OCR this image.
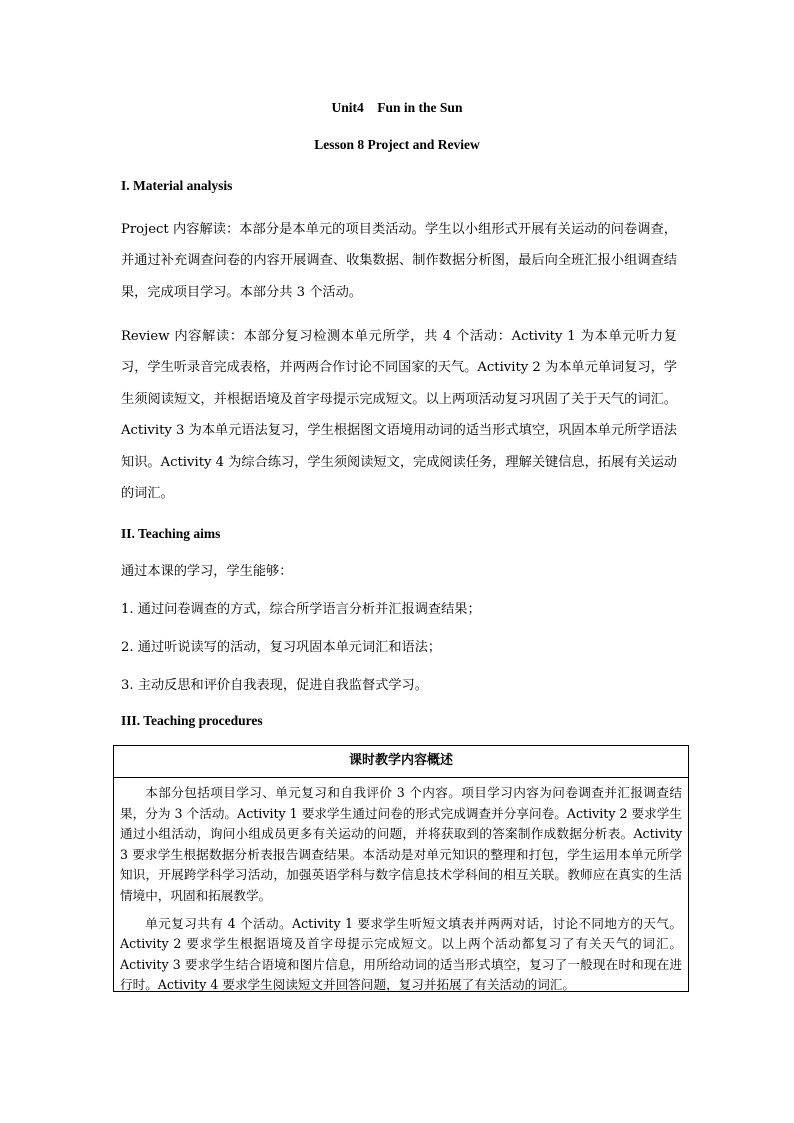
Unit4    Fun in the Sun
Lesson 8 Project and Review
I. Material analysis

Project 内容解读：本部分是本单元的项目类活动。学生以小组形式开展有关运动的问卷调查，并通过补充调查问卷的内容开展调查、收集数据、制作数据分析图，最后向全班汇报小组调查结果，完成项目学习。本部分共 3 个活动。

Review 内容解读：本部分复习检测本单元所学，共 4 个活动：Activity 1 为本单元听力复习，学生听录音完成表格，并两两合作讨论不同国家的天气。Activity 2 为本单元单词复习，学生须阅读短文，并根据语境及首字母提示完成短文。以上两项活动复习巩固了关于天气的词汇。Activity 3 为本单元语法复习，学生根据图文语境用动词的适当形式填空，巩固本单元所学语法知识。Activity 4 为综合练习，学生须阅读短文，完成阅读任务，理解关键信息，拓展有关运动的词汇。

II. Teaching aims

通过本课的学习，学生能够：

1. 通过问卷调查的方式，综合所学语言分析并汇报调查结果；

2. 通过听说读写的活动，复习巩固本单元词汇和语法；

3. 主动反思和评价自我表现，促进自我监督式学习。

III. Teaching procedures
课时教学内容概述

本部分包括项目学习、单元复习和自我评价 3 个内容。项目学习内容为问卷调查并汇报调查结果，分为 3 个活动。Activity 1 要求学生通过问卷的形式完成调查并分享问卷。Activity 2 要求学生通过小组活动，询问小组成员更多有关运动的问题，并将获取到的答案制作成数据分析表。Activity 3 要求学生根据数据分析表报告调查结果。本活动是对单元知识的整理和打包，学生运用本单元所学知识，开展跨学科学习活动，加强英语学科与数字信息技术学科间的相互关联。教师应在真实的生活情境中，巩固和拓展教学。

单元复习共有 4 个活动。Activity 1 要求学生听短文填表并两两对话，讨论不同地方的天气。Activity 2 要求学生根据语境及首字母提示完成短文。以上两个活动都复习了有关天气的词汇。Activity 3 要求学生结合语境和图片信息，用所给动词的适当形式填空，复习了一般现在时和现在进行时。Activity 4 要求学生阅读短文并回答问题，复习并拓展了有关活动的词汇。
